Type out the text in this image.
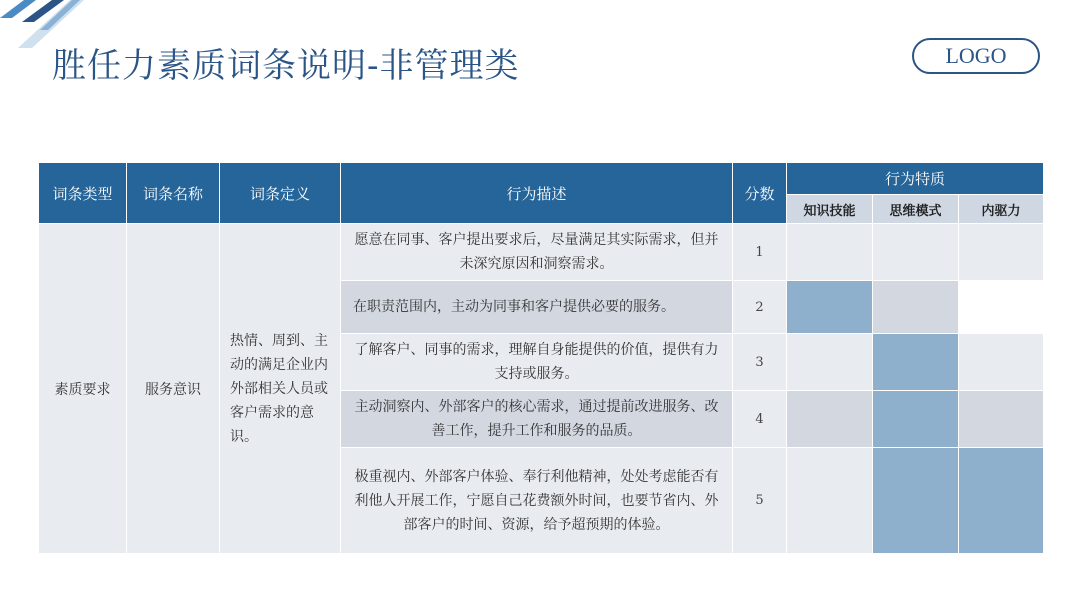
胜任力素质词条说明-非管理类	LOGO
词条类型	词条名称	词条定义	行为描述	分数	行为特质		
					知识技能	思维模式	内驱力
素质要求	服务意识	热情、周到、主动的满足企业内外部相关人员或客户需求的意识。	愿意在同事、客户提出要求后，尽量满足其实际需求，但并未深究原因和洞察需求。	1			
			在职责范围内，主动为同事和客户提供必要的服务。	2			
			了解客户、同事的需求，理解自身能提供的价值，提供有力支持或服务。	3			
			主动洞察内、外部客户的核心需求，通过提前改进服务、改善工作，提升工作和服务的品质。	4			
			极重视内、外部客户体验、奉行利他精神，处处考虑能否有利他人开展工作，宁愿自己花费额外时间，也要节省内、外部客户的时间、资源，给予超预期的体验。	5			
